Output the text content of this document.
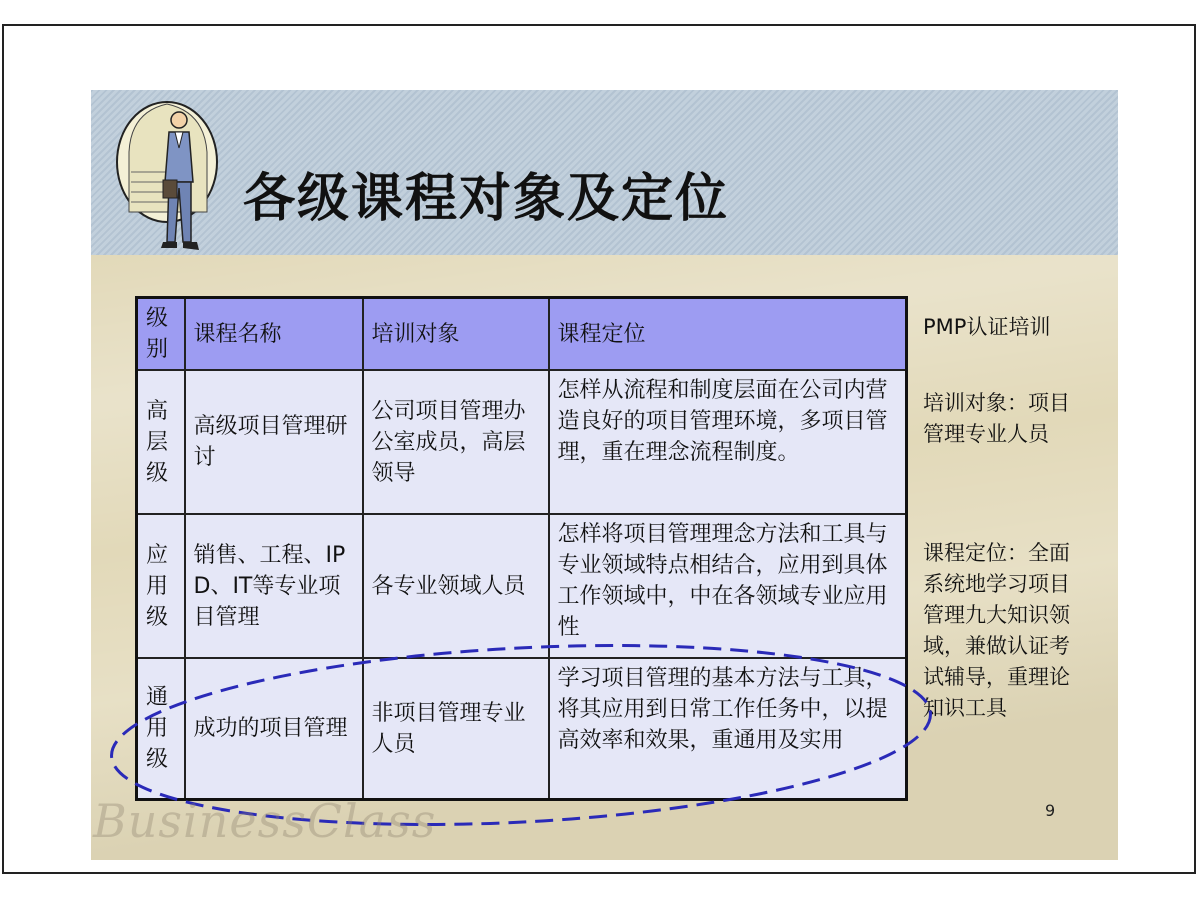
各级课程对象及定位
级别	课程名称	培训对象	课程定位
高层级	高级项目管理研讨	公司项目管理办公室成员，高层领导	怎样从流程和制度层面在公司内营造良好的项目管理环境，多项目管理，重在理念流程制度。
应用级	销售、工程、IPD、IT等专业项目管理	各专业领域人员	怎样将项目管理理念方法和工具与专业领域特点相结合，应用到具体工作领域中，中在各领域专业应用性
通用级	成功的项目管理	非项目管理专业人员	学习项目管理的基本方法与工具，将其应用到日常工作任务中，以提高效率和效果，重通用及实用
PMP认证培训
培训对象：项目管理专业人员
课程定位：全面系统地学习项目管理九大知识领域，兼做认证考试辅导，重理论知识工具
BusinessClass	9
